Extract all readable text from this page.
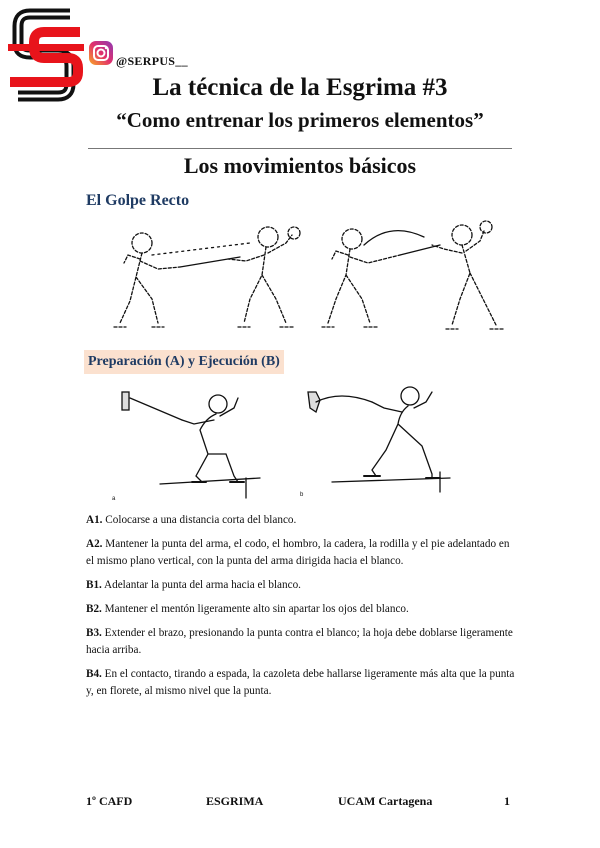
@SERPUS__
La técnica de la Esgrima #3
“Como entrenar los primeros elementos”
Los movimientos básicos
El Golpe Recto
Preparación (A) y Ejecución (B)
a
b

A1. Colocarse a una distancia corta del blanco.

A2. Mantener la punta del arma, el codo, el hombro, la cadera, la rodilla y el pie adelantado en el mismo plano vertical, con la punta del arma dirigida hacia el blanco.

B1. Adelantar la punta del arma hacia el blanco.

B2. Mantener el mentón ligeramente alto sin apartar los ojos del blanco.

B3. Extender el brazo, presionando la punta contra el blanco; la hoja debe doblarse ligeramente hacia arriba.

B4. En el contacto, tirando a espada, la cazoleta debe hallarse ligeramente más alta que la punta y, en florete, al mismo nivel que la punta.

1º CAFD	ESGRIMA	UCAM Cartagena	1
